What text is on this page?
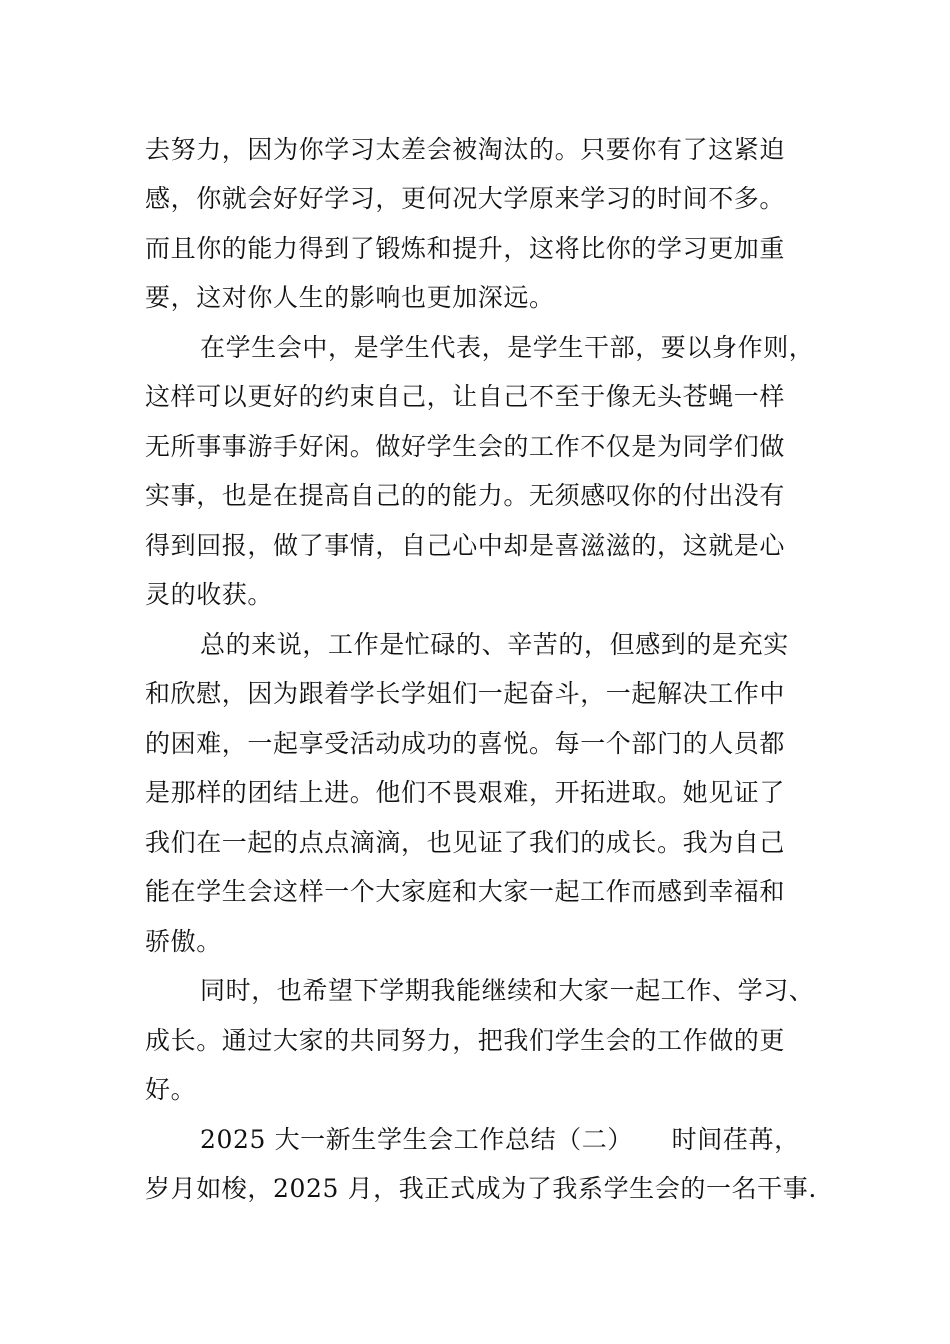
去努力，因为你学习太差会被淘汰的。只要你有了这紧迫
感，你就会好好学习，更何况大学原来学习的时间不多。
而且你的能力得到了锻炼和提升，这将比你的学习更加重
要，这对你人生的影响也更加深远。
在学生会中，是学生代表，是学生干部，要以身作则，
这样可以更好的约束自己，让自己不至于像无头苍蝇一样
无所事事游手好闲。做好学生会的工作不仅是为同学们做
实事，也是在提高自己的的能力。无须感叹你的付出没有
得到回报，做了事情，自己心中却是喜滋滋的，这就是心
灵的收获。
总的来说，工作是忙碌的、辛苦的，但感到的是充实
和欣慰，因为跟着学长学姐们一起奋斗，一起解决工作中
的困难，一起享受活动成功的喜悦。每一个部门的人员都
是那样的团结上进。他们不畏艰难，开拓进取。她见证了
我们在一起的点点滴滴，也见证了我们的成长。我为自己
能在学生会这样一个大家庭和大家一起工作而感到幸福和
骄傲。
同时，也希望下学期我能继续和大家一起工作、学习、
成长。通过大家的共同努力，把我们学生会的工作做的更
好。
2025 大一新生学生会工作总结（二）　　时间荏苒，
岁月如梭，2025 月，我正式成为了我系学生会的一名干事.
